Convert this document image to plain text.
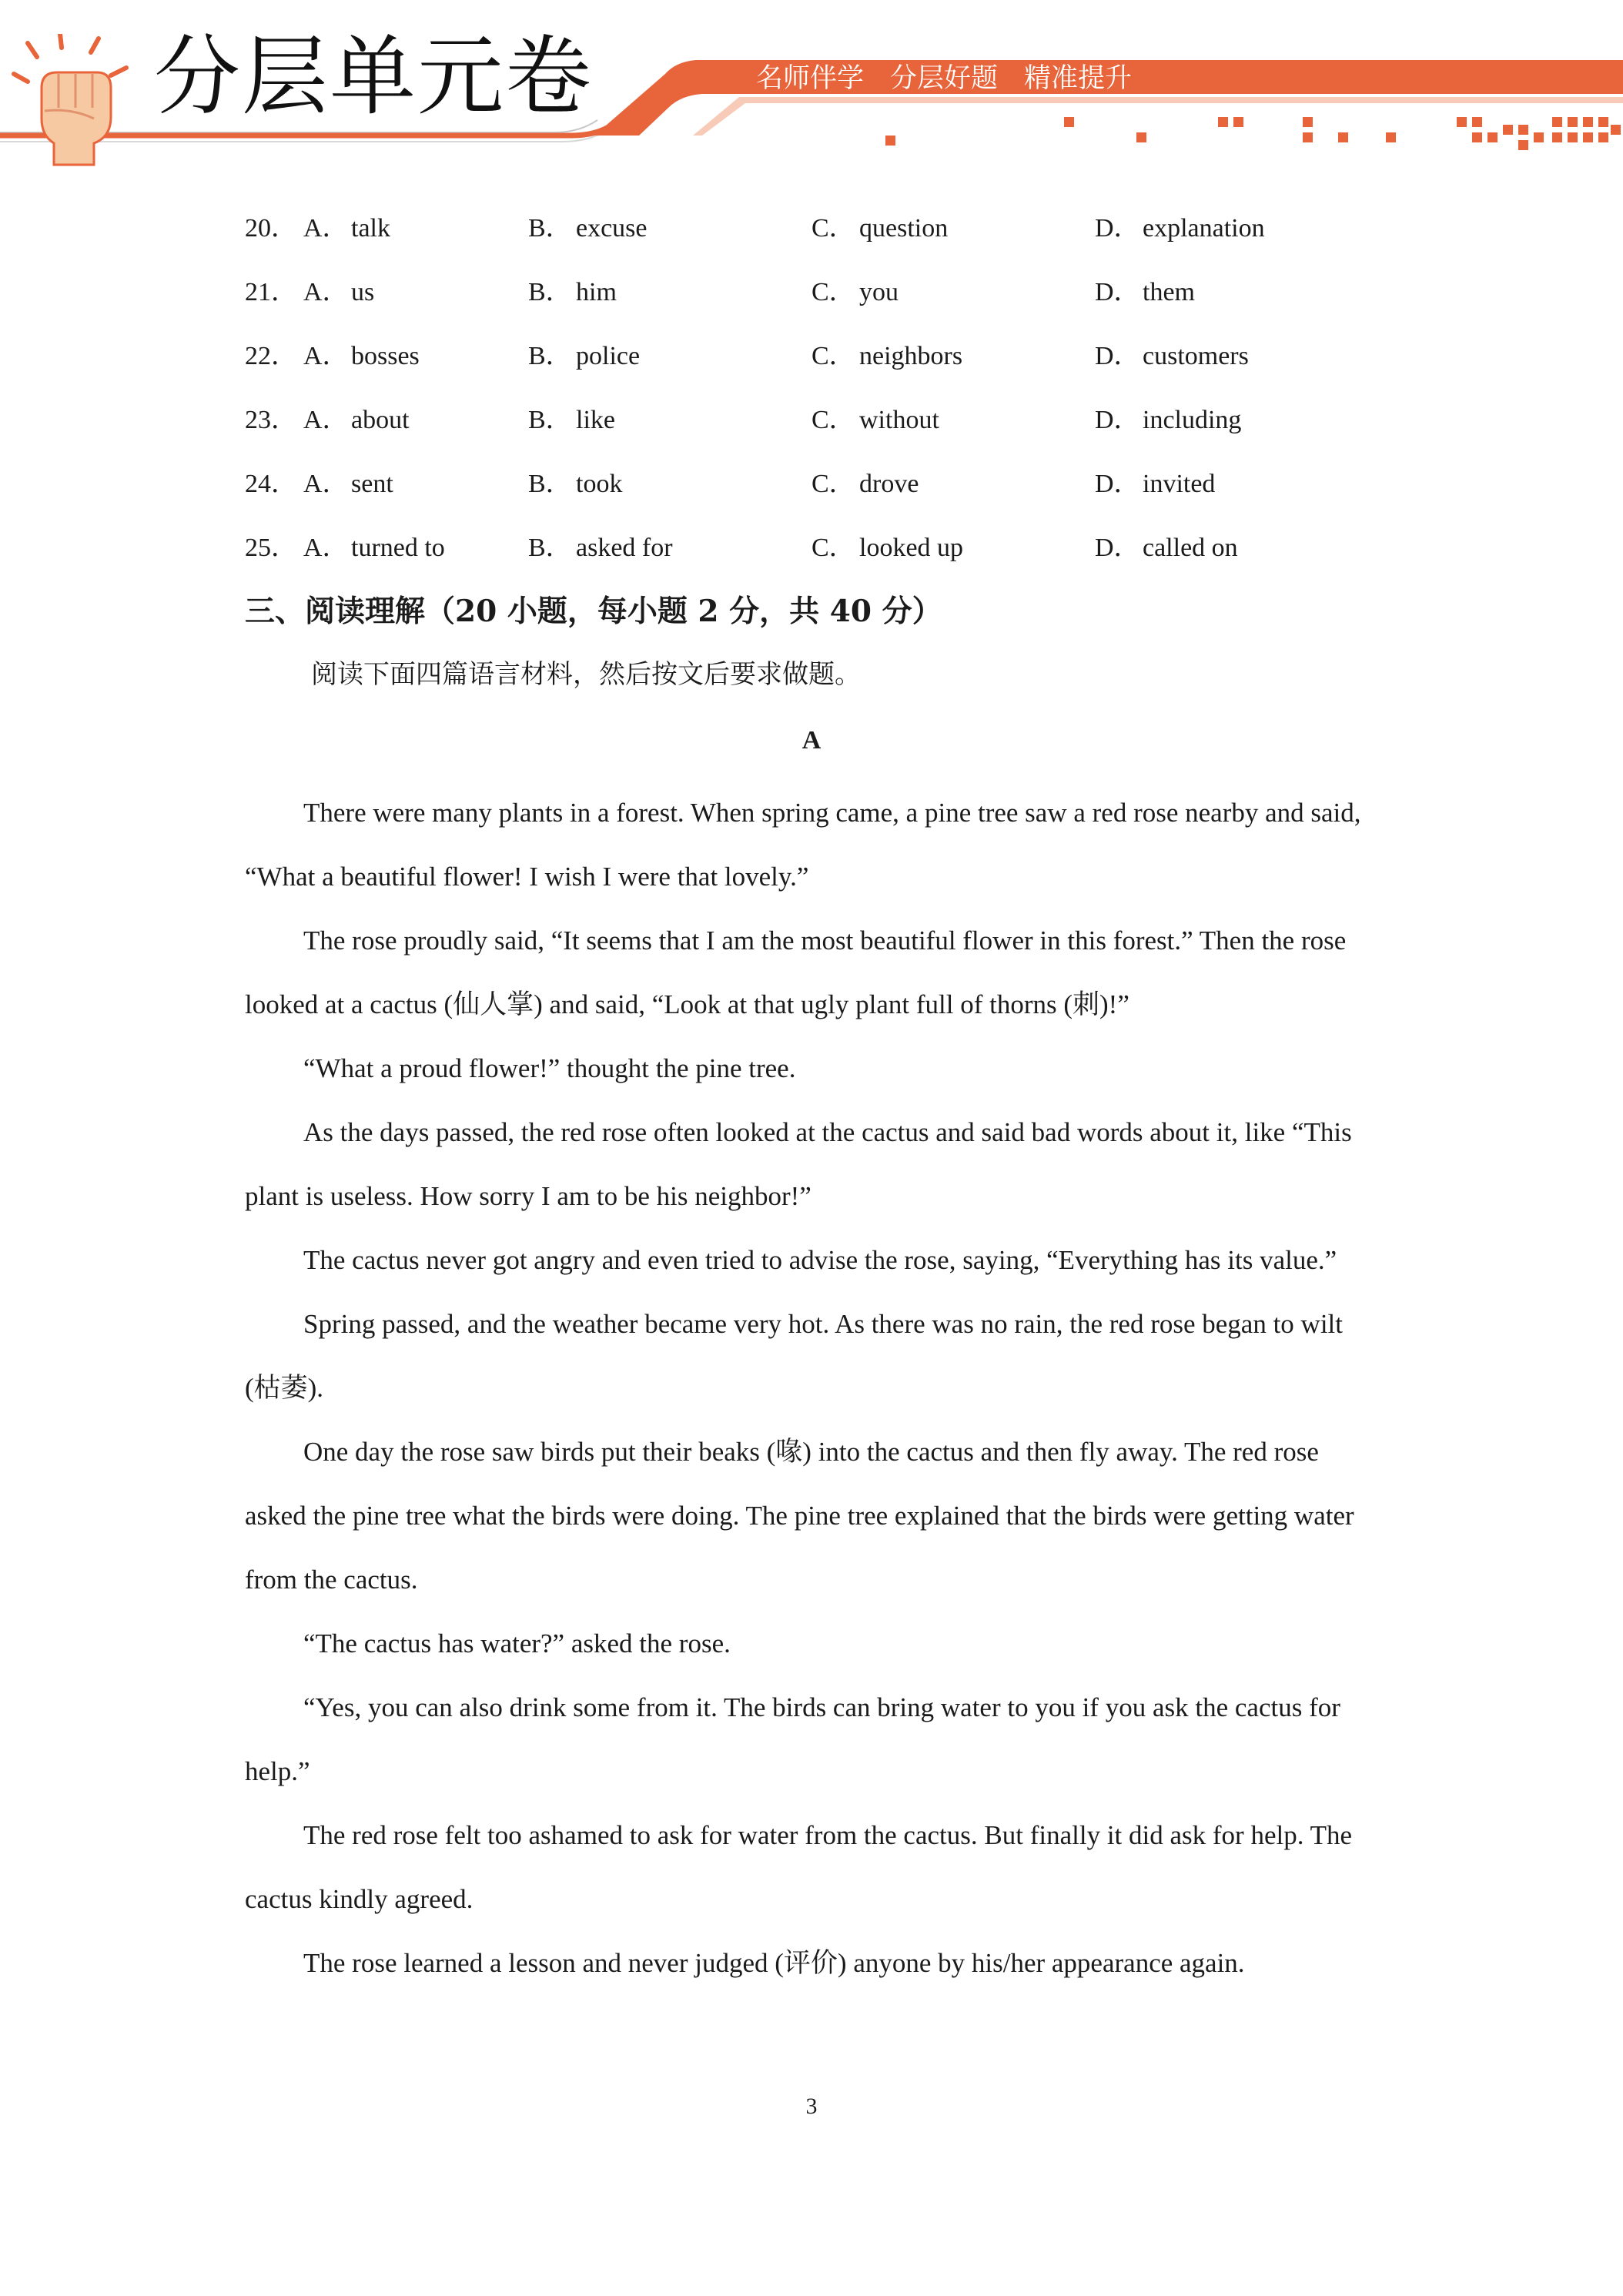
分层单元卷	名师伴学 分层好题 精准提升
20． A． talk	B． excuse	C． question	D． explanation
21． A． us	B． him	C． you	D． them
22． A． bosses	B． police	C． neighbors	D． customers
23． A． about	B． like	C． without	D． including
24． A． sent	B． took	C． drove	D． invited
25． A． turned to	B． asked for	C． looked up	D． called on
三、阅读理解（20 小题，每小题 2 分，共 40 分）

阅读下面四篇语言材料，然后按文后要求做题。

A

There were many plants in a forest. When spring came, a pine tree saw a red rose nearby and said, “What a beautiful flower! I wish I were that lovely.”

The rose proudly said, “It seems that I am the most beautiful flower in this forest.” Then the rose looked at a cactus (仙人掌) and said, “Look at that ugly plant full of thorns (刺)!”

“What a proud flower!” thought the pine tree.

As the days passed, the red rose often looked at the cactus and said bad words about it, like “This plant is useless. How sorry I am to be his neighbor!”

The cactus never got angry and even tried to advise the rose, saying, “Everything has its value.”

Spring passed, and the weather became very hot. As there was no rain, the red rose began to wilt (枯萎).

One day the rose saw birds put their beaks (喙) into the cactus and then fly away. The red rose asked the pine tree what the birds were doing. The pine tree explained that the birds were getting water from the cactus.

“The cactus has water?” asked the rose.

“Yes, you can also drink some from it. The birds can bring water to you if you ask the cactus for help.”

The red rose felt too ashamed to ask for water from the cactus. But finally it did ask for help. The cactus kindly agreed.

The rose learned a lesson and never judged (评价) anyone by his/her appearance again.

3
